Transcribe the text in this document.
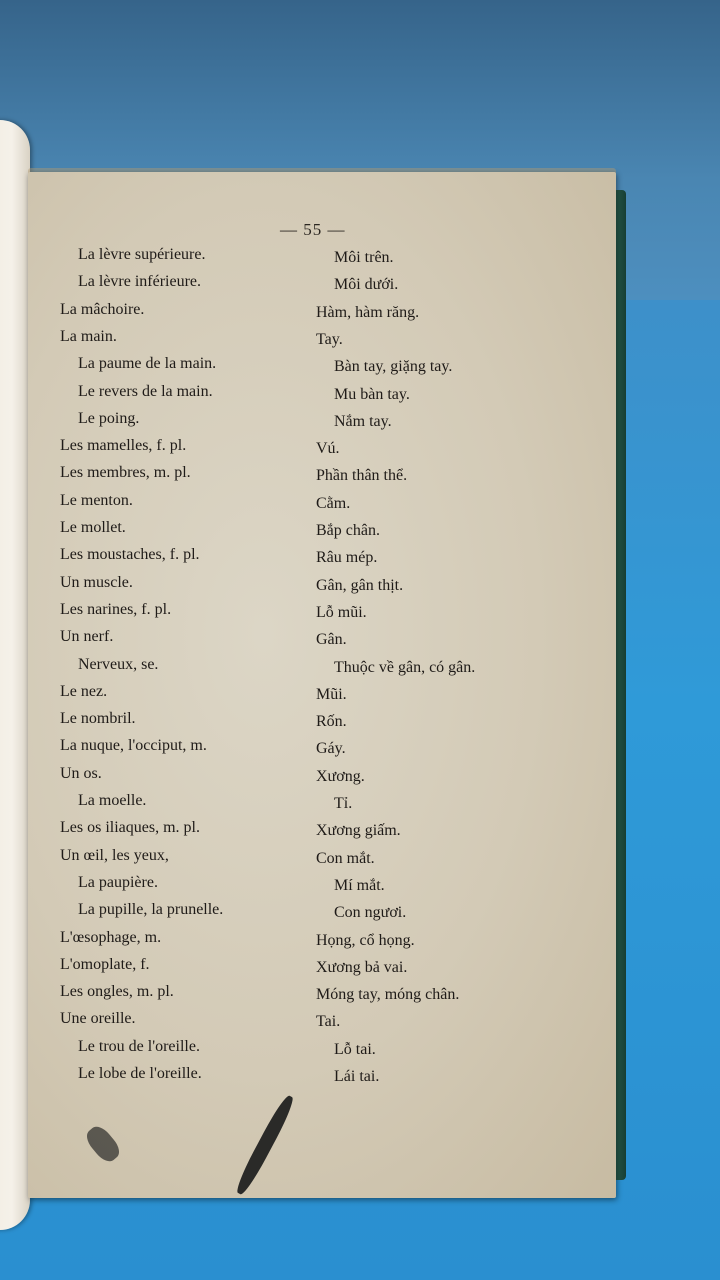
— 55 —
La lèvre supérieure.	Môi trên.
La lèvre inférieure.	Môi dưới.
La mâchoire.	Hàm, hàm răng.
La main.	Tay.
La paume de la main.	Bàn tay, giặng tay.
Le revers de la main.	Mu bàn tay.
Le poing.	Nắm tay.
Les mamelles, f. pl.	Vú.
Les membres, m. pl.	Phần thân thể.
Le menton.	Cằm.
Le mollet.	Bắp chân.
Les moustaches, f. pl.	Râu mép.
Un muscle.	Gân, gân thịt.
Les narines, f. pl.	Lỗ mũi.
Un nerf.	Gân.
Nerveux, se.	Thuộc về gân, có gân.
Le nez.	Mũi.
Le nombril.	Rốn.
La nuque, l'occiput, m.	Gáy.
Un os.	Xương.
La moelle.	Tỉ.
Les os iliaques, m. pl.	Xương giấm.
Un œil, les yeux,	Con mắt.
La paupière.	Mí mắt.
La pupille, la prunelle.	Con ngươi.
L'œsophage, m.	Họng, cổ họng.
L'omoplate, f.	Xương bả vai.
Les ongles, m. pl.	Móng tay, móng chân.
Une oreille.	Tai.
Le trou de l'oreille.	Lỗ tai.
Le lobe de l'oreille.	Lái tai.
